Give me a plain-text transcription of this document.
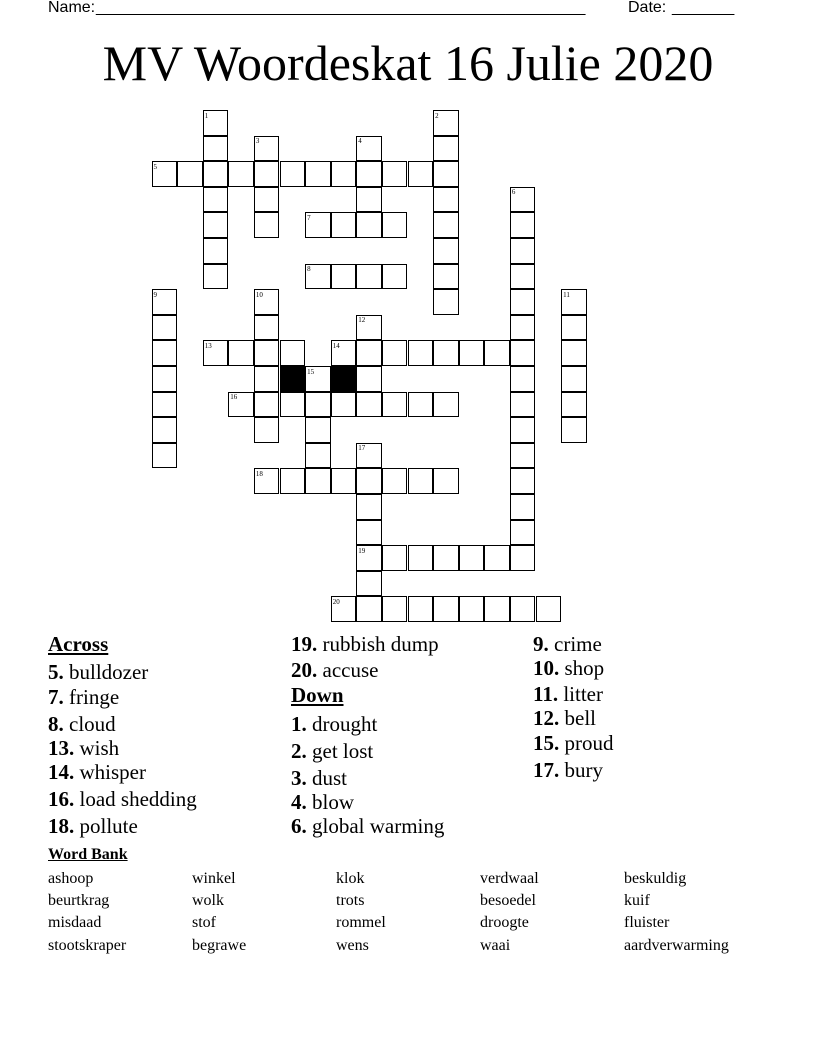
Name: _______________________________________________________	Date: _______
MV Woordeskat 16 Julie 2020
1	2
3	4
5
6
7
8
9	10	11
12
13	14
15
16
17
18
19
20
Across
Down
5. bulldozer
7. fringe
8. cloud
13. wish
14. whisper
16. load shedding
18. pollute
19. rubbish dump
20. accuse
1. drought
2. get lost
3. dust
4. blow
6. global warming
9. crime
10. shop
11. litter
12. bell
15. proud
17. bury
Word Bank
ashoop	winkel	klok	verdwaal	beskuldig
beurtkrag	wolk	trots	besoedel	kuif
misdaad	stof	rommel	droogte	fluister
stootskraper	begrawe	wens	waai	aardverwarming
